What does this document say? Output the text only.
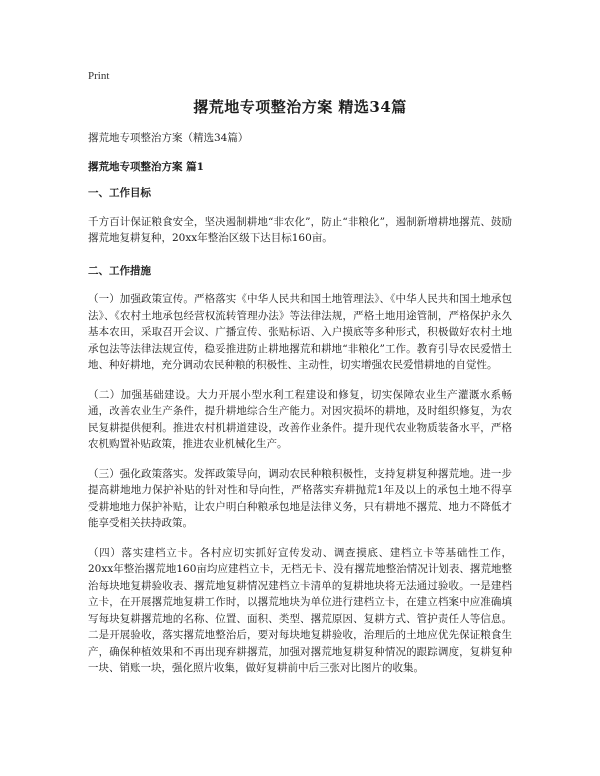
Print
撂荒地专项整治方案 精选34篇

撂荒地专项整治方案（精选34篇）

撂荒地专项整治方案 篇1

一、工作目标

千方百计保证粮食安全，坚决遏制耕地“非农化”，防止“非粮化”，遏制新增耕地撂荒、鼓励撂荒地复耕复种，20xx年整治区级下达目标160亩。

二、工作措施

（一）加强政策宣传。严格落实《中华人民共和国土地管理法》、《中华人民共和国土地承包法》、《农村土地承包经营权流转管理办法》等法律法规，严格土地用途管制，严格保护永久基本农田，采取召开会议、广播宣传、张贴标语、入户摸底等多种形式，积极做好农村土地承包法等法律法规宣传，稳妥推进防止耕地撂荒和耕地“非粮化”工作。教育引导农民爱惜土地、种好耕地，充分调动农民种粮的积极性、主动性，切实增强农民爱惜耕地的自觉性。

（二）加强基础建设。大力开展小型水利工程建设和修复，切实保障农业生产灌溉水系畅通，改善农业生产条件，提升耕地综合生产能力。对因灾损坏的耕地，及时组织修复，为农民复耕提供便利。推进农村机耕道建设，改善作业条件。提升现代农业物质装备水平，严格农机购置补贴政策，推进农业机械化生产。

（三）强化政策落实。发挥政策导向，调动农民种粮积极性，支持复耕复种撂荒地。进一步提高耕地地力保护补贴的针对性和导向性，严格落实弃耕抛荒1年及以上的承包土地不得享受耕地地力保护补贴，让农户明白种粮承包地是法律义务，只有耕地不撂荒、地力不降低才能享受相关扶持政策。

（四）落实建档立卡。各村应切实抓好宣传发动、调查摸底、建档立卡等基础性工作，20xx年整治撂荒地160亩均应建档立卡，无档无卡、没有撂荒地整治情况计划表、撂荒地整治每块地复耕验收表、撂荒地复耕情况建档立卡清单的复耕地块将无法通过验收。一是建档立卡，在开展撂荒地复耕工作时，以撂荒地块为单位进行建档立卡，在建立档案中应准确填写每块复耕撂荒地的名称、位置、面积、类型、撂荒原因、复耕方式、管护责任人等信息。二是开展验收，落实撂荒地整治后，要对每块地复耕验收，治理后的土地应优先保证粮食生产，确保种植效果和不再出现弃耕撂荒，加强对撂荒地复耕复种情况的跟踪调度，复耕复种一块、销账一块，强化照片收集，做好复耕前中后三张对比图片的收集。
